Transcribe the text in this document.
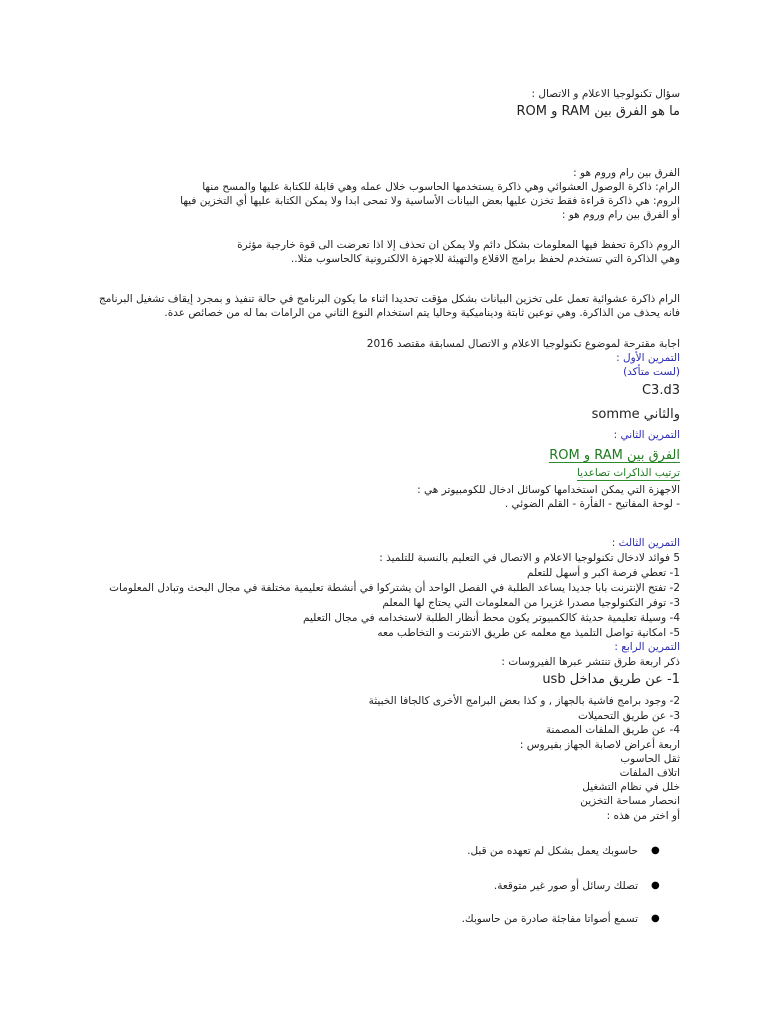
سؤال تكنولوجيا الاعلام و الاتصال :
ما هو الفرق بين RAM و ROM
الفرق بين رام وروم هو :
الرام: ذاكرة الوصول العشوائي وهي ذاكرة يستخدمها الحاسوب خلال عمله وهي قابلة للكتابة عليها والمسح منها
الروم: هي ذاكرة قراءة فقط تخزن عليها بعض البيانات الأساسية ولا تمحى ابدا ولا يمكن الكتابة عليها أي التخزين فيها
أو الفرق بين رام وروم هو :
الروم ذاكرة تحفظ فيها المعلومات بشكل دائم ولا يمكن ان تحذف إلا اذا تعرضت الى قوة خارجية مؤثرة
وهي الذاكرة التي تستخدم لحفظ برامج الاقلاع والتهيئة للاجهزة الالكترونية كالحاسوب مثلا..
الرام ذاكرة عشوائية تعمل على تخزين البيانات بشكل مؤقت تحديدا اثناء ما يكون البرنامج في حالة تنفيذ و بمجرد إيقاف تشغيل البرنامج
فانه يحذف من الذاكرة. وهي نوعين ثابتة وديناميكية وحاليا يتم استخدام النوع الثاني من الرامات بما له من خصائص عدة.
اجابة مقترحة لموضوع تكنولوجيا الاعلام و الاتصال لمسابقة مقتصد 2016
التمرين الأول :
(لست متأكد)
C3.d3
والثاني somme
التمرين الثاني :
الفرق بين RAM و ROM
ترتيب الذاكرات تصاعديا
الاجهزة التي يمكن استخدامها كوسائل ادخال للكومبيوتر هي :
- لوحة المفاتيح - الفأرة - القلم الضوئي .
التمرين الثالث :
5 فوائد لادخال تكنولوجيا الاعلام و الاتصال في التعليم بالنسبة للتلميذ :
1- تعطي فرصة اكبر و أسهل للتعلم
2- تفتح الإنترنت بابا جديدا يساعد الطلبة في الفصل الواحد أن يشتركوا في أنشطة تعليمية مختلفة في مجال البحث وتبادل المعلومات
3- توفر التكنولوجيا مصدرا غزيرا من المعلومات التي يحتاج لها المعلم
4- وسيلة تعليمية حديثة كالكمبيوتر يكون محط أنظار الطلبة لاستخدامه في مجال التعليم
5- امكانية تواصل التلميذ مع معلمه عن طريق الانترنت و التخاطب معه
التمرين الرابع :
ذكر اربعة طرق تنتشر عبرها الفيروسات :
1- عن طريق مداخل usb
2- وجود برامج فاشية بالجهاز , و كذا بعض البرامج الأخرى كالجافا الخبيثة
3- عن طريق التحميلات
4- عن طريق الملفات المصمنة
اربعة أعراض لاصابة الجهاز بفيروس :
ثقل الحاسوب
اتلاف الملفات
خلل في نظام التشغيل
انحصار مساحة التخزين
أو اختر من هذه :
●
حاسوبك يعمل بشكل لم تعهده من قبل.
●
تصلك رسائل أو صور غير متوقعة.
●
تسمع أصواتا مفاجئة صادرة من حاسوبك.
